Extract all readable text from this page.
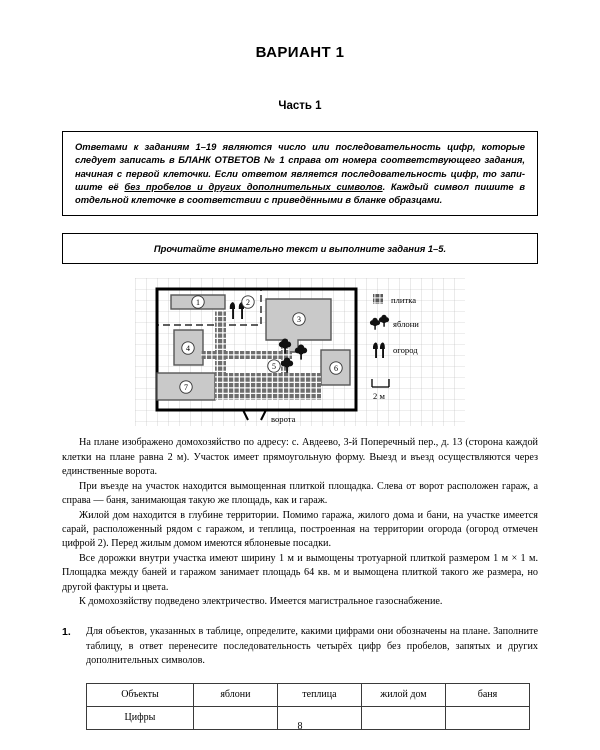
ВАРИАНТ 1
Часть 1

Ответами к заданиям 1–19 являются число или последовательность цифр, которые следует записать в БЛАНК ОТВЕТОВ № 1 справа от номера соответствующего задания, начиная с первой клеточки. Если ответом является последовательность цифр, то запи- шите её без пробелов и других дополнительных символов. Каждый символ пишите в отдельной клеточке в соответствии с приведёнными в бланке образцами.

Прочитайте внимательно текст и выполните задания 1–5.
1	2
3
4
5	6
7
ворота
плитка
яблони
огород
2 м

На плане изображено домохозяйство по адресу: с. Авдеево, 3-й Поперечный пер., д. 13 (сторона каждой клетки на плане равна 2 м). Участок имеет прямоугольную форму. Выезд и въезд осуществляются через единственные ворота.

При въезде на участок находится вымощенная плиткой площадка. Слева от ворот расположен гараж, а справа — баня, занимающая такую же площадь, как и гараж.

Жилой дом находится в глубине территории. Помимо гаража, жилого дома и бани, на участке имеется сарай, расположенный рядом с гаражом, и теплица, построенная на территории огорода (огород отмечен цифрой 2). Перед жилым домом имеются яблоневые посадки.

Все дорожки внутри участка имеют ширину 1 м и вымощены тротуарной плиткой размером 1 м × 1 м. Площадка между баней и гаражом занимает площадь 64 кв. м и вымощена плиткой такого же размера, но другой фактуры и цвета.

К домохозяйству подведено электричество. Имеется магистральное газоснабжение.

1.	Для объектов, указанных в таблице, определите, какими цифрами они обозначены на плане. Заполните таблицу, в ответ перенесите последовательность четырёх цифр без пробелов, запятых и других дополнительных символов.

Объекты	яблони	теплица	жилой дом	баня
Цифры				
8
